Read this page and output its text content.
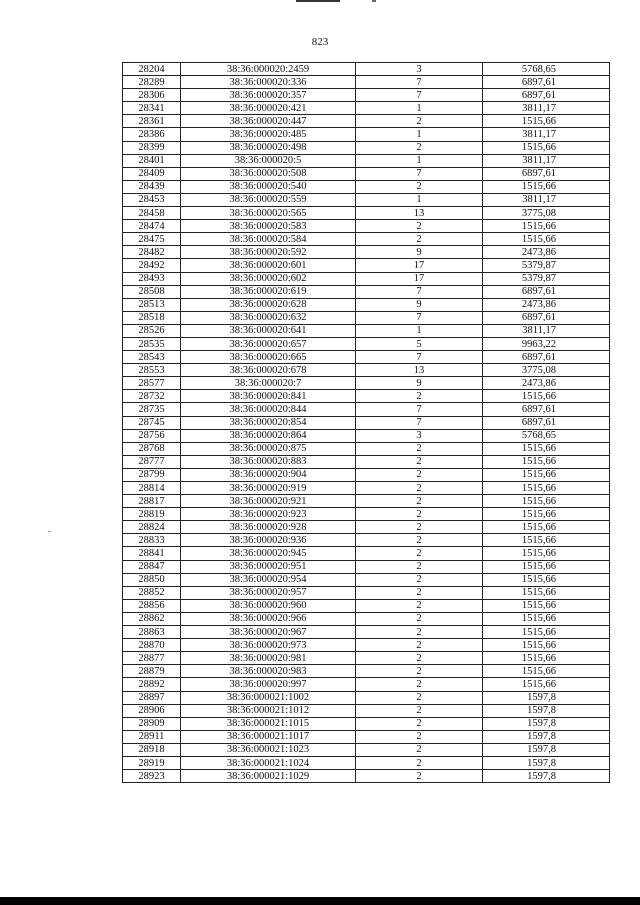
823
28204	38:36:000020:2459	3	5768,65
28289	38:36:000020:336	7	6897,61
28306	38:36:000020:357	7	6897,61
28341	38:36:000020:421	1	3811,17
28361	38:36:000020:447	2	1515,66
28386	38:36:000020:485	1	3811,17
28399	38:36:000020:498	2	1515,66
28401	38:36:000020:5	1	3811,17
28409	38:36:000020:508	7	6897,61
28439	38:36:000020:540	2	1515,66
28453	38:36:000020:559	1	3811,17
28458	38:36:000020:565	13	3775,08
28474	38:36:000020:583	2	1515,66
28475	38:36:000020:584	2	1515,66
28482	38:36:000020:592	9	2473,86
28492	38:36:000020:601	17	5379,87
28493	38:36:000020:602	17	5379,87
28508	38:36:000020:619	7	6897,61
28513	38:36:000020:628	9	2473,86
28518	38:36:000020:632	7	6897,61
28526	38:36:000020:641	1	3811,17
28535	38:36:000020:657	5	9963,22
28543	38:36:000020:665	7	6897,61
28553	38:36:000020:678	13	3775,08
28577	38:36:000020:7	9	2473,86
28732	38:36:000020:841	2	1515,66
28735	38:36:000020:844	7	6897,61
28745	38:36:000020:854	7	6897,61
28756	38:36:000020:864	3	5768,65
28768	38:36:000020:875	2	1515,66
28777	38:36:000020:883	2	1515,66
28799	38:36:000020:904	2	1515,66
28814	38:36:000020:919	2	1515,66
28817	38:36:000020:921	2	1515,66
28819	38:36:000020:923	2	1515,66
28824	38:36:000020:928	2	1515,66
28833	38:36:000020:936	2	1515,66
28841	38:36:000020:945	2	1515,66
28847	38:36:000020:951	2	1515,66
28850	38:36:000020:954	2	1515,66
28852	38:36:000020:957	2	1515,66
28856	38:36:000020:960	2	1515,66
28862	38:36:000020:966	2	1515,66
28863	38:36:000020:967	2	1515,66
28870	38:36:000020:973	2	1515,66
28877	38:36:000020:981	2	1515,66
28879	38:36:000020:983	2	1515,66
28892	38:36:000020:997	2	1515,66
28897	38:36:000021:1002	2	1597,8
28906	38:36:000021:1012	2	1597,8
28909	38:36:000021:1015	2	1597,8
28911	38:36:000021:1017	2	1597,8
28918	38:36:000021:1023	2	1597,8
28919	38:36:000021:1024	2	1597,8
28923	38:36:000021:1029	2	1597,8
